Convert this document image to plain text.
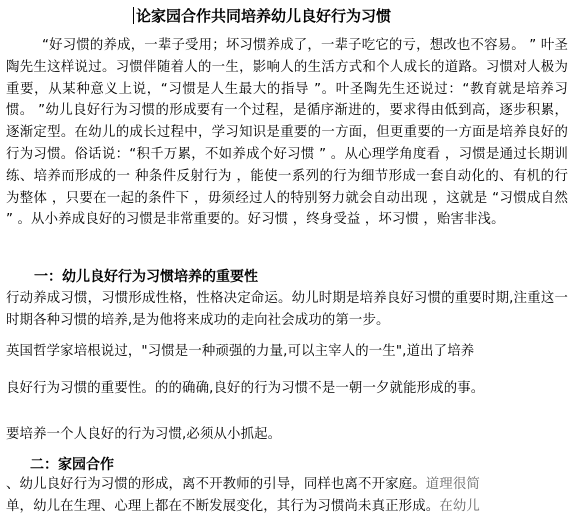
论家园合作共同培养幼儿良好行为习惯

“好习惯的养成，一辈子受用；坏习惯养成了，一辈子吃它的亏，想改也不容易。 ” 叶圣陶先生这样说过。习惯伴随着人的一生，影响人的生活方式和个人成长的道路。习惯对人极为重要，从某种意义上说，“习惯是人生最大的指导 ”。叶圣陶先生还说过：“教育就是培养习惯。 ”幼儿良好行为习惯的形成要有一个过程，是循序渐进的，要求得由低到高，逐步积累，逐渐定型。在幼儿的成长过程中，学习知识是重要的一方面，但更重要的一方面是培养良好的行为习惯。俗话说：“积千万累，不如养成个好习惯 ” 。从心理学角度看 ，习惯是通过长期训练、培养而形成的一 种条件反射行为 ，能使一系列的行为细节形成一套自动化的、有机的行为整体 ，只要在一起的条件下 ，毋须经过人的特别努力就会自动出现 ，这就是 “习惯成自然 ” 。从小养成良好的习惯是非常重要的。好习惯 ，终身受益 ，坏习惯 ，贻害非浅。

一：幼儿良好行为习惯培养的重要性

行动养成习惯，习惯形成性格，性格决定命运。幼儿时期是培养良好习惯的重要时期,注重这一时期各种习惯的培养,是为他将来成功的走向社会成功的第一步。

英国哲学家培根说过，"习惯是一种顽强的力量,可以主宰人的一生",道出了培养
良好行为习惯的重要性。的的确确,良好的行为习惯不是一朝一夕就能形成的事。

要培养一个人良好的行为习惯,必须从小抓起。

二：家园合作

、幼儿良好行为习惯的形成，离不开教师的引导，同样也离不开家庭。道理很简
单，幼儿在生理、心理上都在不断发展变化，其行为习惯尚未真正形成。在幼儿
